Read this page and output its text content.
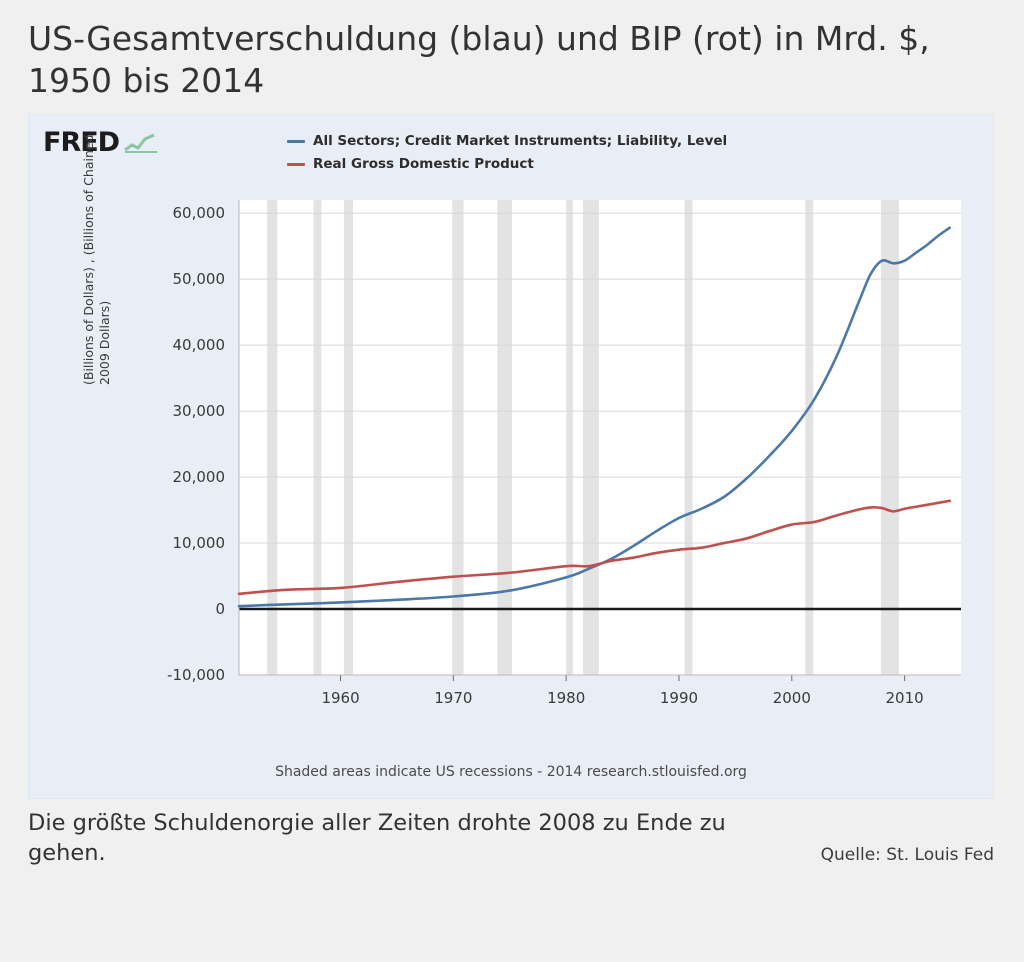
US-Gesamtverschuldung (blau) und BIP (rot) in Mrd. $, 1950 bis 2014
FRED	All Sectors; Credit Market Instruments; Liability, Level
Real Gross Domestic Product
(Billions of Dollars) , (Billions of Chained 2009 Dollars)
-10,000
0
10,000
20,000
30,000
40,000
50,000
60,000
1960	1970	1980	1990	2000	2010
Shaded areas indicate US recessions - 2014 research.stlouisfed.org
Die größte Schuldenorgie aller Zeiten drohte 2008 zu Ende zu
gehen.	Quelle: St. Louis Fed
